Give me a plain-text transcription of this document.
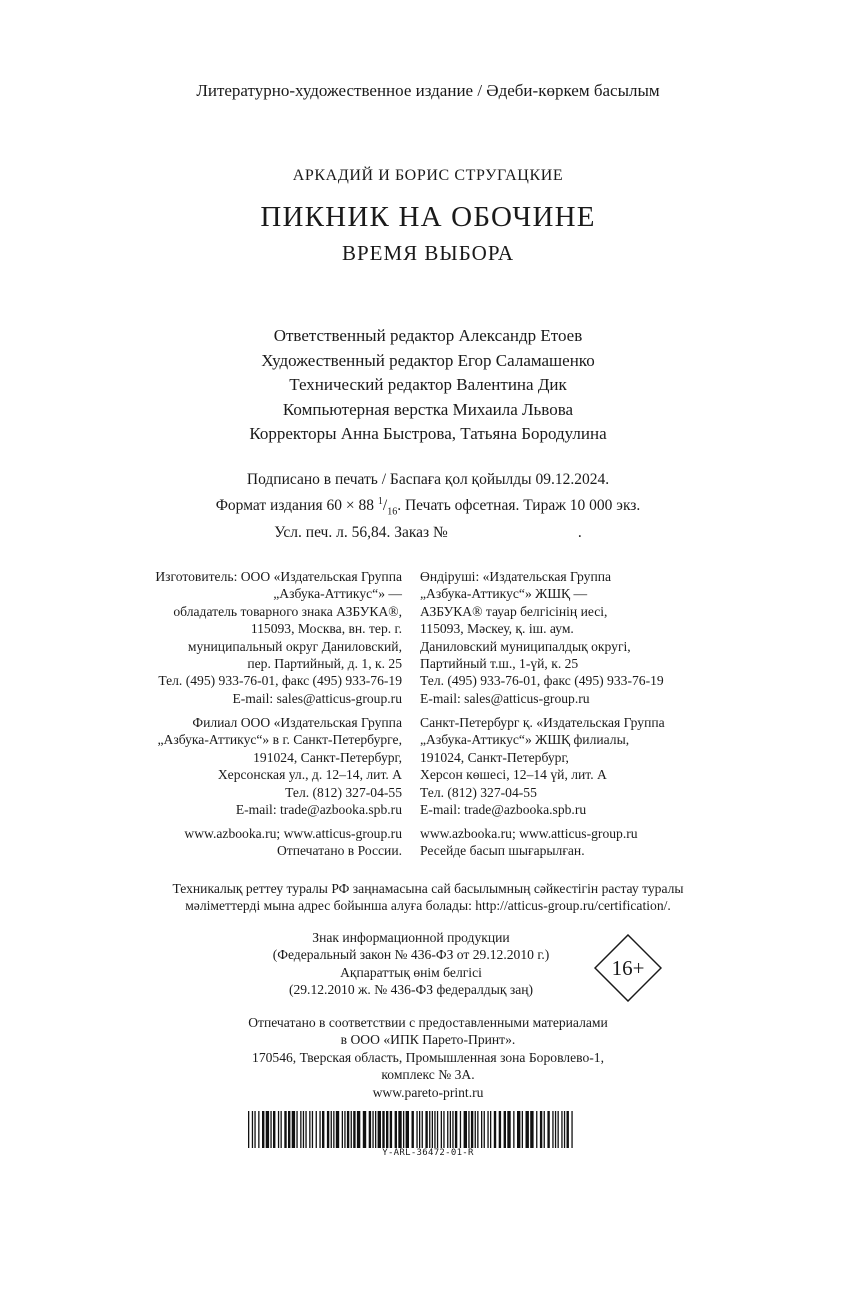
Литературно-художественное издание / Әдеби-көркем басылым
АРКАДИЙ И БОРИС СТРУГАЦКИЕ
ПИКНИК НА ОБОЧИНЕ
ВРЕМЯ ВЫБОРА
Ответственный редактор Александр Етоев
Художественный редактор Егор Саламашенко
Технический редактор Валентина Дик
Компьютерная верстка Михаила Львова
Корректоры Анна Быстрова, Татьяна Бородулина
Подписано в печать / Баспаға қол қойылды 09.12.2024.
Формат издания 60 × 88 $^1/_{16}$. Печать офсетная. Тираж 10 000 экз.
Усл. печ. л. 56,84. Заказ №	.
Изготовитель: ООО «Издательская Группа
„Азбука-Аттикус“» —
обладатель товарного знака АЗБУКА®,
115093, Москва, вн. тер. г.
муниципальный округ Даниловский,
пер. Партийный, д. 1, к. 25
Тел. (495) 933-76-01, факс (495) 933-76-19
E-mail: sales@atticus-group.ru
Өндіруші: «Издательская Группа
„Азбука-Аттикус“» ЖШҚ —
АЗБУКА® тауар белгісінің иесі,
115093, Мәскеу, қ. іш. аум.
Даниловский муниципалдық округі,
Партийный т.ш., 1-үй, к. 25
Тел. (495) 933-76-01, факс (495) 933-76-19
E-mail: sales@atticus-group.ru
Филиал ООО «Издательская Группа
„Азбука-Аттикус“» в г. Санкт-Петербурге,
191024, Санкт-Петербург,
Херсонская ул., д. 12–14, лит. А
Тел. (812) 327-04-55
E-mail: trade@azbooka.spb.ru
Санкт-Петербург қ. «Издательская Группа
„Азбука-Аттикус“» ЖШҚ филиалы,
191024, Санкт-Петербург,
Херсон көшесі, 12–14 үй, лит. А
Тел. (812) 327-04-55
E-mail: trade@azbooka.spb.ru
www.azbooka.ru; www.atticus-group.ru
Отпечатано в России.
www.azbooka.ru; www.atticus-group.ru
Ресейде басып шығарылған.
Техникалық реттеу туралы РФ заңнамасына сай басылымның сәйкестігін растау туралы
мәліметтерді мына адрес бойынша алуға болады: http://atticus-group.ru/certification/.
Знак информационной продукции
(Федеральный закон № 436-ФЗ от 29.12.2010 г.)
Ақпараттық өнім белгісі
(29.12.2010 ж. № 436-ФЗ федералдық заң)
16+
Отпечатано в соответствии с предоставленными материалами
в ООО «ИПК Парето-Принт».
170546, Тверская область, Промышленная зона Боровлево-1,
комплекс № 3А.
www.pareto-print.ru
Y-ARL-36472-01-R
